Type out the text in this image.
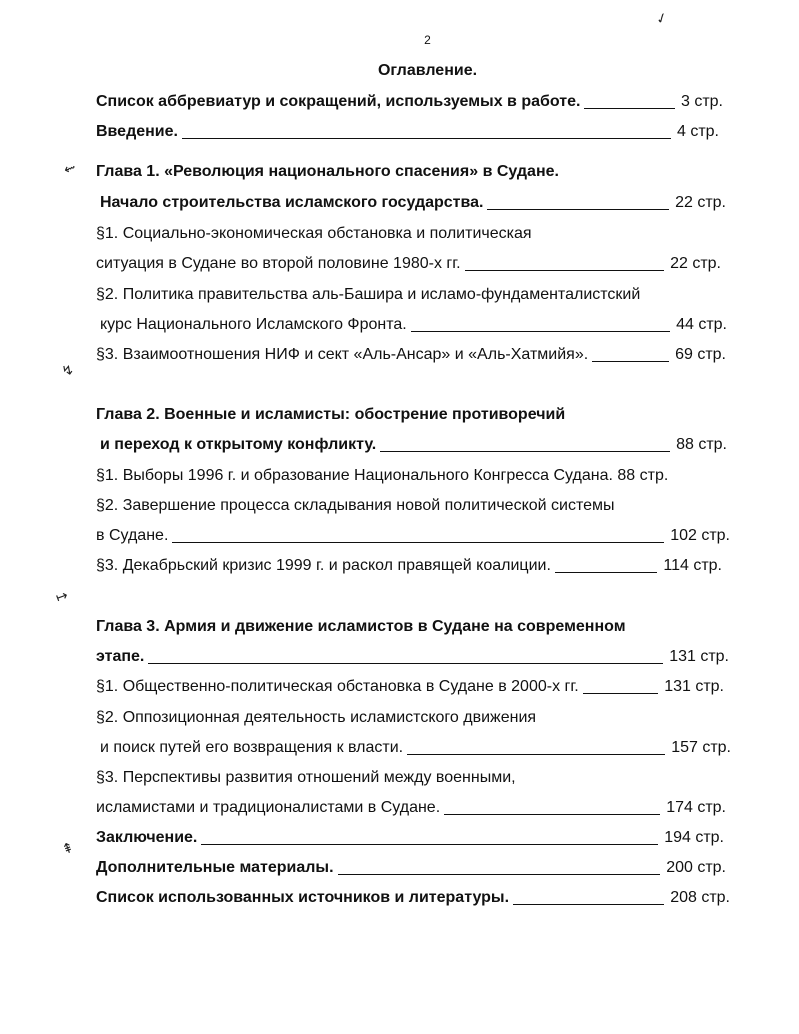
2
Оглавление.
✓
⇜
↯
↦
⇞
Список аббревиатур и сокращений, используемых в работе.	3 стр.
Введение.	4 стр.
Глава 1. «Революция национального спасения» в Судане.
Начало строительства исламского государства.	22 стр.
§1. Социально-экономическая обстановка и политическая
ситуация в Судане во второй половине 1980-х гг.	22 стр.
§2. Политика правительства аль-Башира и исламо-фундаменталистский
курс Национального Исламского Фронта.	44 стр.
§3. Взаимоотношения НИФ и сект «Аль-Ансар» и «Аль-Хатмийя».	69 стр.
Глава 2. Военные и исламисты: обострение противоречий
и переход к открытому конфликту.	88 стр.
§1. Выборы 1996 г. и образование Национального Конгресса Судана. 88 стр.
§2. Завершение процесса складывания новой политической системы
в Судане.	102 стр.
§3. Декабрьский кризис 1999 г. и раскол правящей коалиции.	114 стр.
Глава 3. Армия и движение исламистов в Судане на современном
этапе.	131 стр.
§1. Общественно-политическая обстановка в Судане в 2000-х гг.	131 стр.
§2. Оппозиционная деятельность исламистского движения
и поиск путей его возвращения к власти.	157 стр.
§3. Перспективы развития отношений между военными,
исламистами и традиционалистами в Судане.	174 стр.
Заключение.	194 стр.
Дополнительные материалы.	200 стр.
Список использованных источников и литературы.	208 стр.
